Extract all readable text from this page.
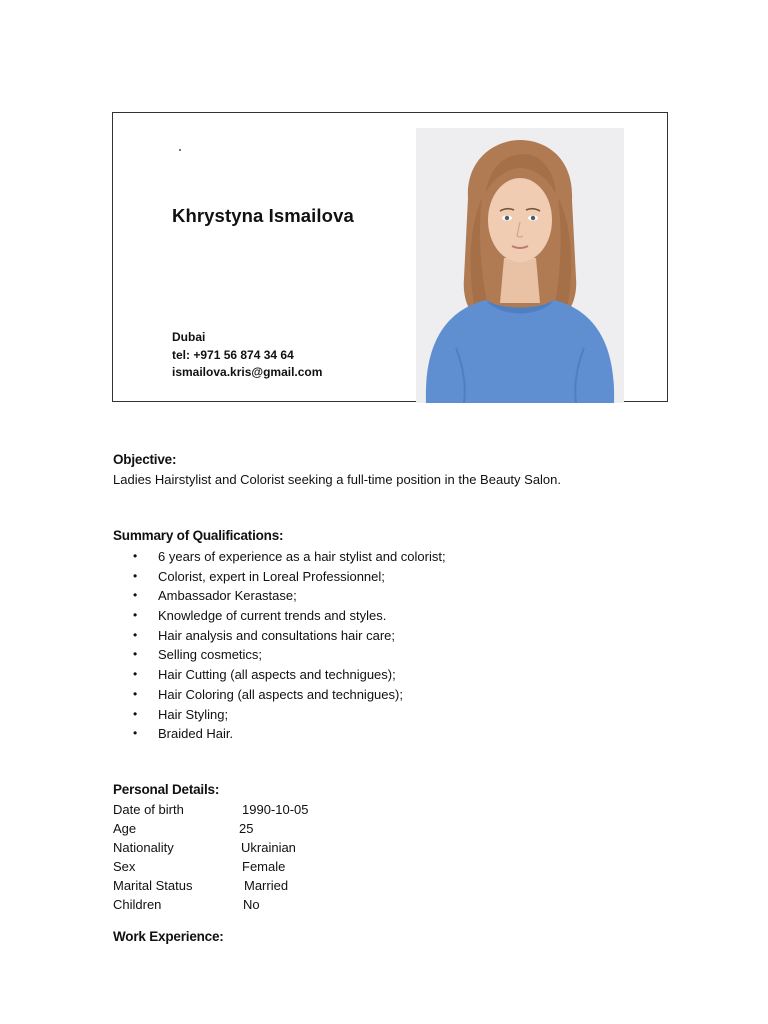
Khrystyna Ismailova
Dubai
tel: +971 56 874 34 64
ismailova.kris@gmail.com
Objective:
Ladies Hairstylist and Colorist seeking a full-time position in the Beauty Salon.
Summary of Qualifications:
• 6 years of experience as a hair stylist and colorist;
• Colorist, expert in Loreal Professionnel;
• Ambassador Kerastase;
• Knowledge of current trends and styles.
• Hair analysis and consultations hair care;
• Selling cosmetics;
• Hair Cutting (all aspects and technigues);
• Hair Coloring (all aspects and technigues);
• Hair Styling;
• Braided Hair.
Personal Details:
Date of birth	1990-10-05
Age	25
Nationality	Ukrainian
Sex	Female
Marital Status	Married
Children	No
Work Experience:
